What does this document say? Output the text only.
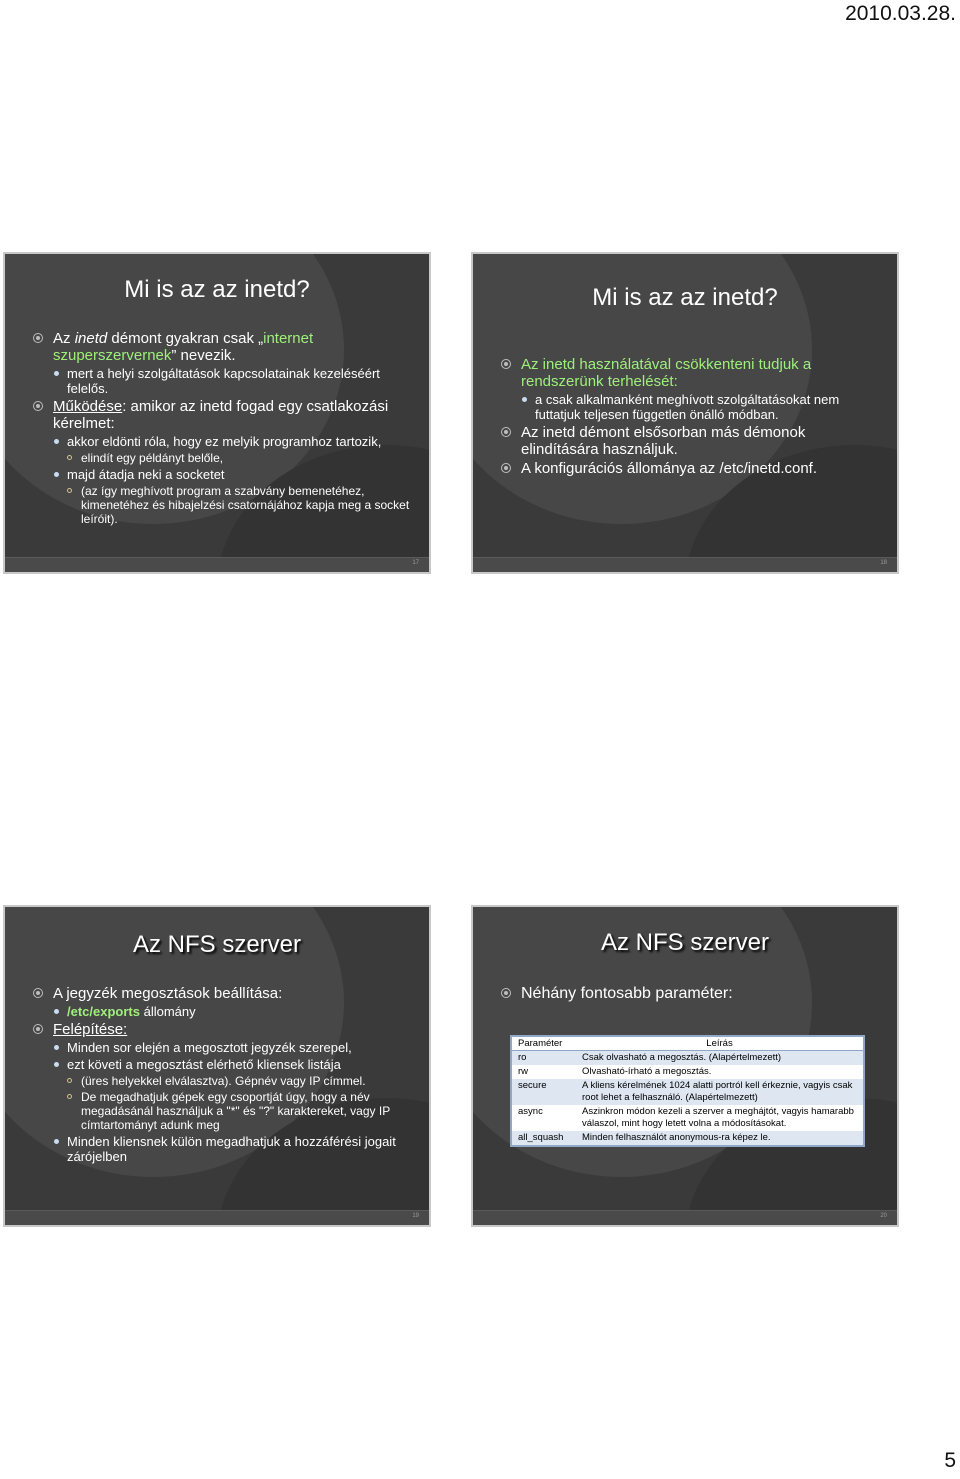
2010.03.28.
Mi is az az inetd?
Az inetd démont gyakran csak „internet szuperszervernek” nevezik.
mert a helyi szolgáltatások kapcsolatainak kezeléséért felelős.
Működése: amikor az inetd fogad egy csatlakozási kérelmet:
akkor eldönti róla, hogy ez melyik programhoz tartozik,
elindít egy példányt belőle,
majd átadja neki a socketet
(az így meghívott program a szabvány bemenetéhez, kimenetéhez és hibajelzési csatornájához kapja meg a socket leíróit).
17
Mi is az az inetd?
Az inetd használatával csökkenteni tudjuk a rendszerünk terhelését:
a csak alkalmanként meghívott szolgáltatásokat nem futtatjuk teljesen független önálló módban.
Az inetd démont elsősorban más démonok elindítására használjuk.
A konfigurációs állománya az /etc/inetd.conf.
18
Az NFS szerver
A jegyzék megosztások beállítása:
/etc/exports állomány
Felépítése:
Minden sor elején a megosztott jegyzék szerepel,
ezt követi a megosztást elérhető kliensek listája
(üres helyekkel elválasztva). Gépnév vagy IP címmel.
De megadhatjuk gépek egy csoportját úgy, hogy a név megadásánál használjuk a "*" és "?" karaktereket, vagy IP címtartományt adunk meg
Minden kliensnek külön megadhatjuk a hozzáférési jogait zárójelben
19
Az NFS szerver
Néhány fontosabb paraméter:
Paraméter	Leírás
ro	Csak olvasható a megosztás. (Alapértelmezett)
rw	Olvasható-írható a megosztás.
secure	A kliens kérelmének 1024 alatti portról kell érkeznie, vagyis csak root lehet a felhasználó. (Alapértelmezett)
async	Aszinkron módon kezeli a szerver a meghájtót, vagyis hamarabb válaszol, mint hogy letett volna a módosításokat.
all_squash	Minden felhasználót anonymous-ra képez le.
20
5
